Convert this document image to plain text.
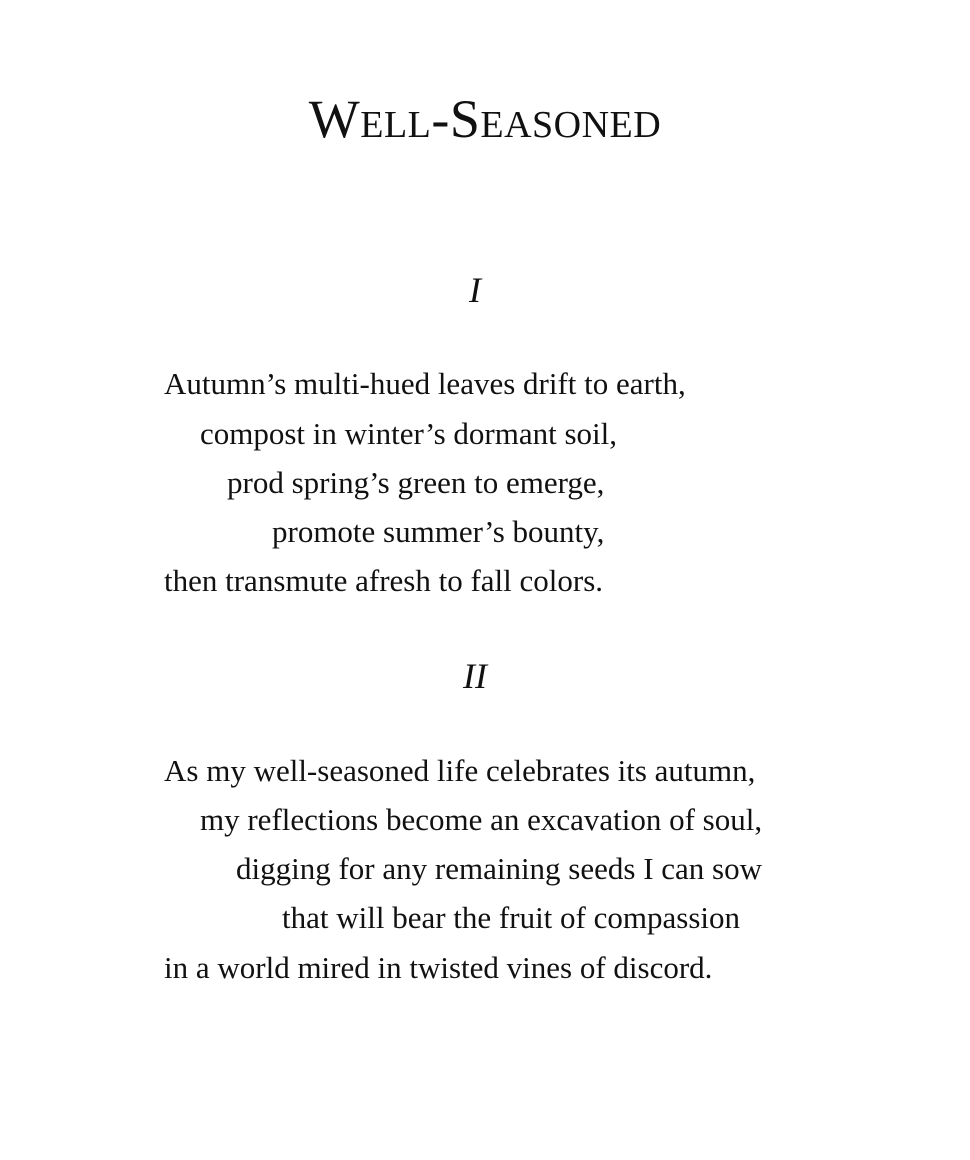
Well-Seasoned
I
Autumn’s multi-hued leaves drift to earth,
compost in winter’s dormant soil,
prod spring’s green to emerge,
promote summer’s bounty,
then transmute afresh to fall colors.
II
As my well-seasoned life celebrates its autumn,
my reflections become an excavation of soul,
digging for any remaining seeds I can sow
that will bear the fruit of compassion
in a world mired in twisted vines of discord.
